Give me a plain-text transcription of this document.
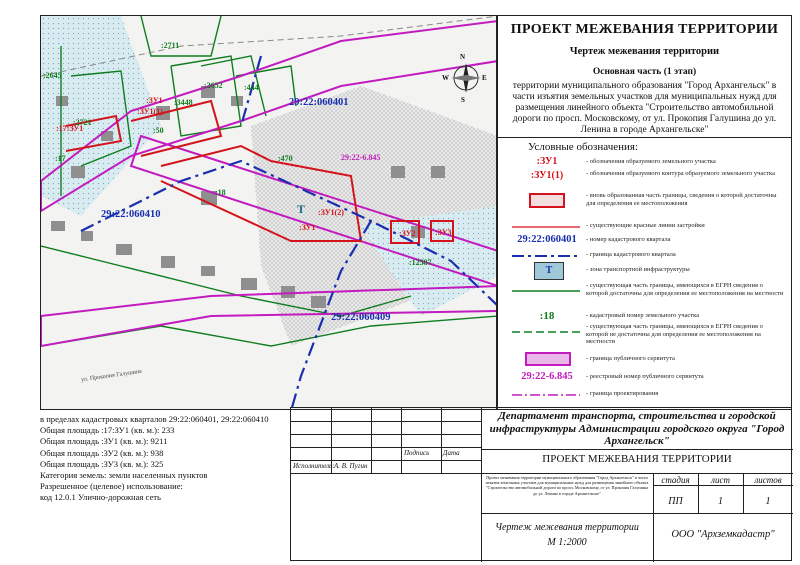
N
S
E
W
29:22:060401
29:22:060410
29:22:060409
29:22-6.845
Т
:2711
:2645
:2721
:17
:3448
:2652	:444
:50
:470
:18
:12587
:ЗУ1
:ЗУ1(1)
:17:ЗУ1
:ЗУ1(2)
:ЗУ1
:ЗУ2 :ЗУ3
ул. Прокопия Галушина
ПРОЕКТ МЕЖЕВАНИЯ ТЕРРИТОРИИ
Чертеж межевания территории
Основная часть (1 этап)
территории муниципального образования "Город Архангельск" в части изъятия земельных участков для муниципальных нужд для размещения линейного объекта "Строительство автомобильной дороги по просп. Московскому, от ул. Прокопия Галушина до ул. Ленина в городе Архангельске"
Условные обозначения:
:ЗУ1	- обозначения образуемого земельного участка
:ЗУ1(1)	- обозначения образуемого контура образуемого земельного участка
- вновь образованная часть границы, сведения о которой достаточны для определения ее местоположения
- существующие красные линии застройки
29:22:060401	- номер кадастрового квартала
- граница кадастрового квартала
Т	- зона транспортной инфраструктуры
- существующая часть границы, имеющихся в ЕГРН сведения о которой достаточны для определения ее местоположения на местности
:18	- кадастровый номер земельного участка
- существующая часть границы, имеющихся в ЕГРН сведения о которой не достаточны для определения ее местоположения на местности
- граница публичного сервитута
29:22-6.845	- реестровый номер публичного сервитута
- граница проектирования
в пределах кадастровых кварталов 29:22:060401, 29:22:060410
Общая площадь :17:ЗУ1 (кв. м.): 233
Общая площадь :ЗУ1 (кв. м.): 9211
Общая площадь :ЗУ2 (кв. м.): 938
Общая площадь :ЗУ3 (кв. м.): 325
Категория земель: земли населенных пунктов
Разрешенное (целевое) использование:
код 12.0.1 Улично-дорожная сеть
Подпись Дата
Исполнитель: А. В. Пугин
Департамент транспорта, строительства и городской инфраструктуры Администрации городского округа "Город Архангельск"
ПРОЕКТ МЕЖЕВАНИЯ ТЕРРИТОРИИ
Проект межевания территории муниципального образования "Город Архангельск" в части изъятия земельных участков для муниципальных нужд для размещения линейного объекта "Строительство автомобильной дороги по просп. Московскому, от ул. Прокопия Галушина до ул. Ленина в городе Архангельске"
стадия	лист	листов
ПП	1	1
Чертеж межевания территории
М 1:2000
ООО "Архземкадастр"
